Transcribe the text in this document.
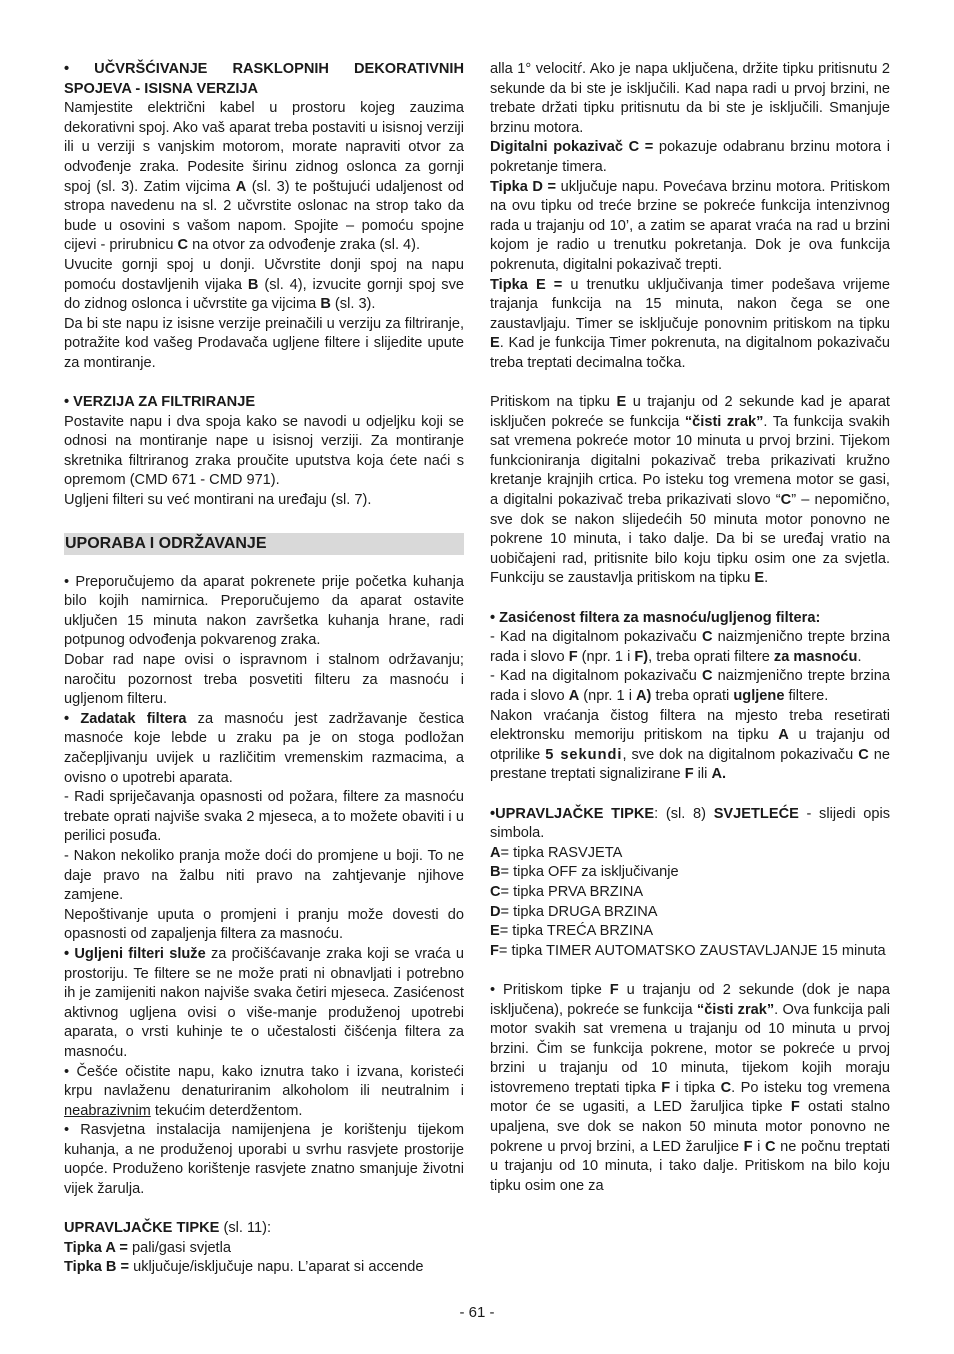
• UČVRŠĆIVANJE RASKLOPNIH DEKORATIVNIH SPOJEVA - ISISNA VERZIJA

Namjestite električni kabel u prostoru kojeg zauzima dekorativni spoj. Ako vaš aparat treba postaviti u isisnoj verziji ili u verziji s vanjskim motorom, morate napraviti otvor za odvođenje zraka. Podesite širinu zidnog oslonca za gornji spoj (sl. 3). Zatim vijcima A (sl. 3) te poštujući udaljenost od stropa navedenu na sl. 2 učvrstite oslonac na strop tako da bude u osovini s vašom napom. Spojite – pomoću spojne cijevi - prirubnicu C na otvor za odvođenje zraka (sl. 4).

Uvucite gornji spoj u donji. Učvrstite donji spoj na napu pomoću dostavljenih vijaka B (sl. 4), izvucite gornji spoj sve do zidnog oslonca i učvrstite ga vijcima B (sl. 3).

Da bi ste napu iz isisne verzije preinačili u verziju za filtriranje, potražite kod vašeg Prodavača ugljene filtere i slijedite upute za montiranje.

• VERZIJA ZA FILTRIRANJE

Postavite napu i dva spoja kako se navodi u odjeljku koji se odnosi na montiranje nape u isisnoj verziji. Za montiranje skretnika filtriranog zraka proučite uputstva koja ćete naći s opremom (CMD 671 - CMD 971).

Ugljeni filteri su već montirani na uređaju (sl. 7).

UPORABA I ODRŽAVANJE

• Preporučujemo da aparat pokrenete prije početka kuhanja bilo kojih namirnica. Preporučujemo da aparat ostavite uključen 15 minuta nakon završetka kuhanja hrane, radi potpunog odvođenja pokvarenog zraka.

Dobar rad nape ovisi o ispravnom i stalnom održavanju; naročitu pozornost treba posvetiti filteru za masnoću i ugljenom filteru.

• Zadatak filtera za masnoću jest zadržavanje čestica masnoće koje lebde u zraku pa je on stoga podložan začepljivanju uvijek u različitim vremenskim razmacima, a ovisno o upotrebi aparata.

- Radi spriječavanja opasnosti od požara, filtere za masnoću trebate oprati najviše svaka 2 mjeseca, a to možete obaviti i u perilici posuđa.

- Nakon nekoliko pranja može doći do promjene u boji. To ne daje pravo na žalbu niti pravo na zahtjevanje njihove zamjene.

Nepoštivanje uputa o promjeni i pranju može dovesti do opasnosti od zapaljenja filtera za masnoću.

• Ugljeni filteri služe za pročišćavanje zraka koji se vraća u prostoriju. Te filtere se ne može prati ni obnavljati i potrebno ih je zamijeniti nakon najviše svaka četiri mjeseca. Zasićenost aktivnog ugljena ovisi o više-manje produženoj upotrebi aparata, o vrsti kuhinje te o učestalosti čišćenja filtera za masnoću.

• Češće očistite napu, kako iznutra tako i izvana, koristeći krpu navlaženu denaturiranim alkoholom ili neutralnim i neabrazivnim tekućim deterdžentom.

• Rasvjetna instalacija namijenjena je korištenju tijekom kuhanja, a ne produženoj uporabi u svrhu rasvjete prostorije uopće. Produženo korištenje rasvjete znatno smanjuje životni vijek žarulja.

UPRAVLJAČKE TIPKE (sl. 11):

Tipka A = pali/gasi svjetla

Tipka B = uključuje/isključuje napu. L’aparat si accende

alla 1° velocitŕ. Ako je napa uključena, držite tipku pritisnutu 2 sekunde da bi ste je isključili. Kad napa radi u prvoj brzini, ne trebate držati tipku pritisnutu da bi ste je isključili. Smanjuje brzinu motora.

Digitalni pokazivač C = pokazuje odabranu brzinu motora i pokretanje timera.

Tipka D = uključuje napu. Povećava brzinu motora. Pritiskom na ovu tipku od treće brzine se pokreće funkcija intenzivnog rada u trajanju od 10’, a zatim se aparat vraća na rad u brzini kojom je radio u trenutku pokretanja. Dok je ova funkcija pokrenuta, digitalni pokazivač trepti.

Tipka E = u trenutku uključivanja timer podešava vrijeme trajanja funkcija na 15 minuta, nakon čega se one zaustavljaju. Timer se isključuje ponovnim pritiskom na tipku E. Kad je funkcija Timer pokrenuta, na digitalnom pokazivaču treba treptati decimalna točka.

Pritiskom na tipku E u trajanju od 2 sekunde kad je aparat isključen pokreće se funkcija “čisti zrak”. Ta funkcija svakih sat vremena pokreće motor 10 minuta u prvoj brzini. Tijekom funkcioniranja digitalni pokazivač treba prikazivati kružno kretanje krajnjih crtica. Po isteku tog vremena motor se gasi, a digitalni pokazivač treba prikazivati slovo “C” – nepomično, sve dok se nakon slijedećih 50 minuta motor ponovno ne pokrene 10 minuta, i tako dalje. Da bi se uređaj vratio na uobičajeni rad, pritisnite bilo koju tipku osim one za svjetla. Funkciju se zaustavlja pritiskom na tipku E.

• Zasićenost filtera za masnoću/ugljenog filtera:

- Kad na digitalnom pokazivaču C naizmjenično trepte brzina rada i slovo F (npr. 1 i F), treba oprati filtere za masnoću.

- Kad na digitalnom pokazivaču C naizmjenično trepte brzina rada i slovo A (npr. 1 i A) treba oprati ugljene filtere.

Nakon vraćanja čistog filtera na mjesto treba resetirati elektronsku memoriju pritiskom na tipku A u trajanju od otprilike 5 sekundi, sve dok na digitalnom pokazivaču C ne prestane treptati signalizirane F ili A.

•UPRAVLJAČKE TIPKE: (sl. 8) SVJETLEĆE - slijedi opis simbola.

A= tipka RASVJETA

B= tipka OFF za isključivanje

C= tipka PRVA BRZINA

D= tipka DRUGA BRZINA

E= tipka TREĆA BRZINA

F= tipka TIMER AUTOMATSKO ZAUSTAVLJANJE 15 minuta

• Pritiskom tipke F u trajanju od 2 sekunde (dok je napa isključena), pokreće se funkcija “čisti zrak”. Ova funkcija pali motor svakih sat vremena u trajanju od 10 minuta u prvoj brzini. Čim se funkcija pokrene, motor se pokreće u prvoj brzini u trajanju od 10 minuta, tijekom kojih moraju istovremeno treptati tipka F i tipka C. Po isteku tog vremena motor će se ugasiti, a LED žaruljica tipke F ostati stalno upaljena, sve dok se nakon 50 minuta motor ponovno ne pokrene u prvoj brzini, a LED žaruljice F i C ne počnu treptati u trajanju od 10 minuta, i tako dalje. Pritiskom na bilo koju tipku osim one za

- 61 -
